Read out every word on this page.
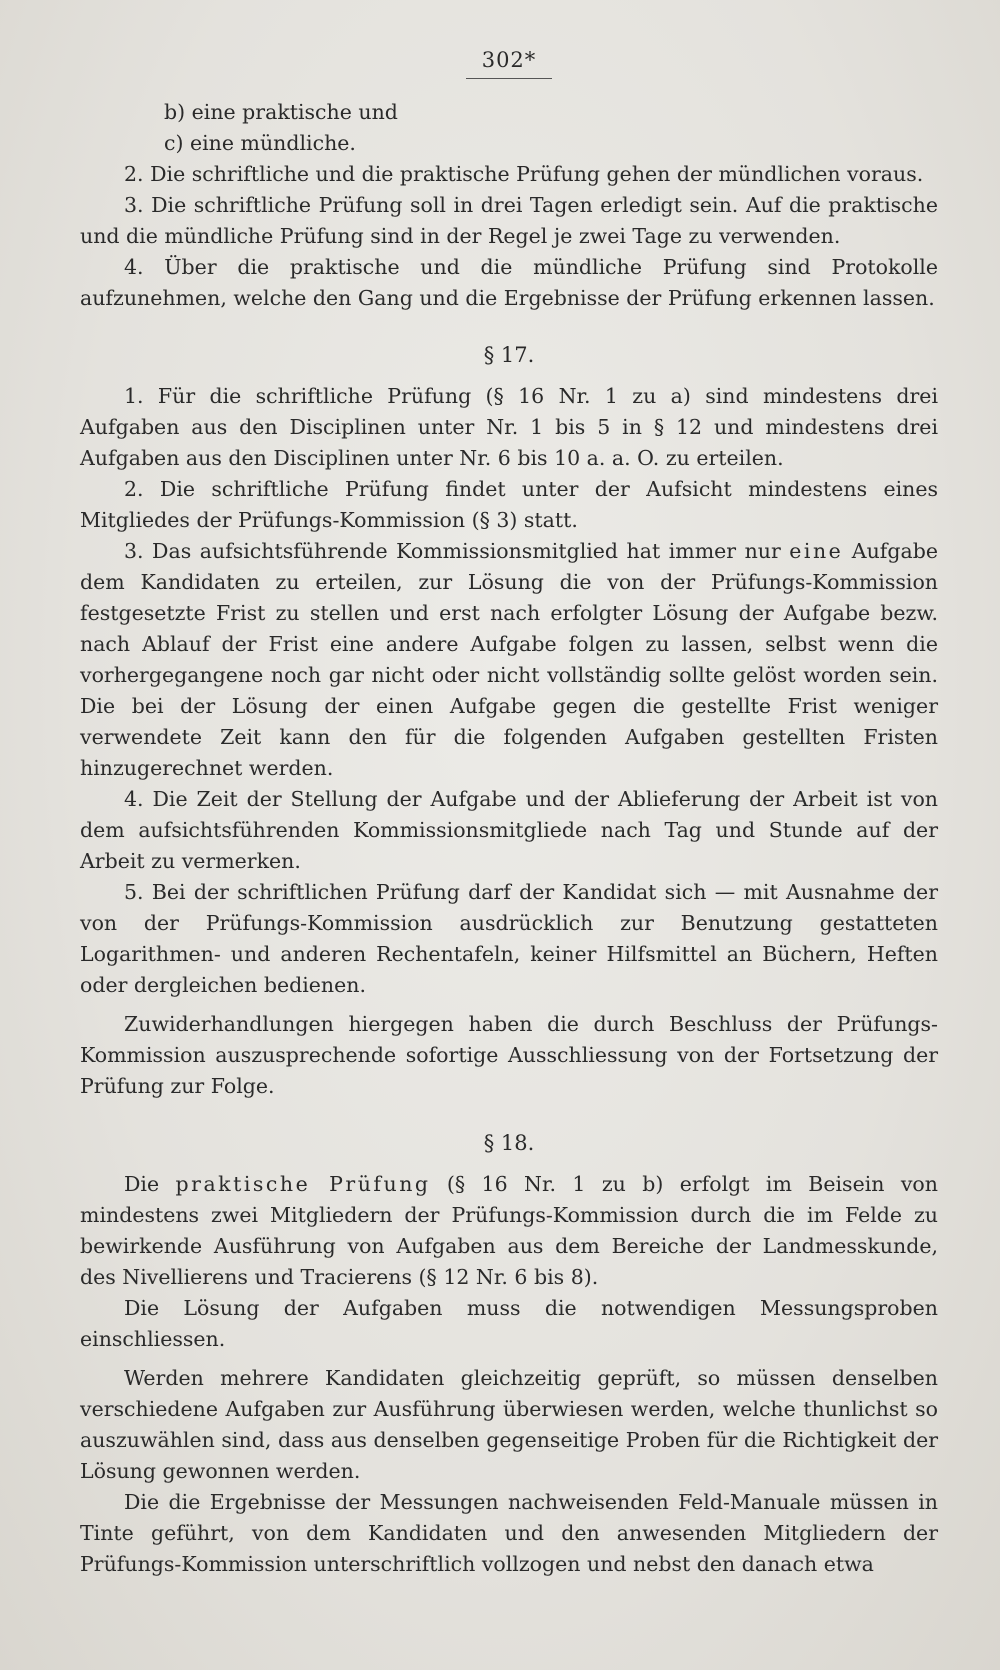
302*

b) eine praktische und

c) eine mündliche.

2. Die schriftliche und die praktische Prüfung gehen der mündlichen voraus.

3. Die schriftliche Prüfung soll in drei Tagen erledigt sein. Auf die praktische und die mündliche Prüfung sind in der Regel je zwei Tage zu verwenden.

4. Über die praktische und die mündliche Prüfung sind Protokolle aufzunehmen, welche den Gang und die Ergebnisse der Prüfung erkennen lassen.

§ 17.

1. Für die schriftliche Prüfung (§ 16 Nr. 1 zu a) sind mindestens drei Aufgaben aus den Disciplinen unter Nr. 1 bis 5 in § 12 und mindestens drei Aufgaben aus den Disciplinen unter Nr. 6 bis 10 a. a. O. zu erteilen.

2. Die schriftliche Prüfung findet unter der Aufsicht mindestens eines Mitgliedes der Prüfungs-Kommission (§ 3) statt.

3. Das aufsichtsführende Kommissionsmitglied hat immer nur eine Aufgabe dem Kandidaten zu erteilen, zur Lösung die von der Prüfungs-Kommission festgesetzte Frist zu stellen und erst nach erfolgter Lösung der Aufgabe bezw. nach Ablauf der Frist eine andere Aufgabe folgen zu lassen, selbst wenn die vorhergegangene noch gar nicht oder nicht vollständig sollte gelöst worden sein. Die bei der Lösung der einen Aufgabe gegen die gestellte Frist weniger verwendete Zeit kann den für die folgenden Aufgaben gestellten Fristen hinzugerechnet werden.

4. Die Zeit der Stellung der Aufgabe und der Ablieferung der Arbeit ist von dem aufsichtsführenden Kommissionsmitgliede nach Tag und Stunde auf der Arbeit zu vermerken.

5. Bei der schriftlichen Prüfung darf der Kandidat sich — mit Ausnahme der von der Prüfungs-Kommission ausdrücklich zur Benutzung gestatteten Logarithmen- und anderen Rechentafeln, keiner Hilfsmittel an Büchern, Heften oder dergleichen bedienen.

Zuwiderhandlungen hiergegen haben die durch Beschluss der Prüfungs-Kommission auszusprechende sofortige Ausschliessung von der Fortsetzung der Prüfung zur Folge.

§ 18.

Die praktische Prüfung (§ 16 Nr. 1 zu b) erfolgt im Beisein von mindestens zwei Mitgliedern der Prüfungs-Kommission durch die im Felde zu bewirkende Ausführung von Aufgaben aus dem Bereiche der Landmesskunde, des Nivellierens und Tracierens (§ 12 Nr. 6 bis 8).

Die Lösung der Aufgaben muss die notwendigen Messungsproben einschliessen.

Werden mehrere Kandidaten gleichzeitig geprüft, so müssen denselben verschiedene Aufgaben zur Ausführung überwiesen werden, welche thunlichst so auszuwählen sind, dass aus denselben gegenseitige Proben für die Richtigkeit der Lösung gewonnen werden.

Die die Ergebnisse der Messungen nachweisenden Feld-Manuale müssen in Tinte geführt, von dem Kandidaten und den anwesenden Mitgliedern der Prüfungs-Kommission unterschriftlich vollzogen und nebst den danach etwa
